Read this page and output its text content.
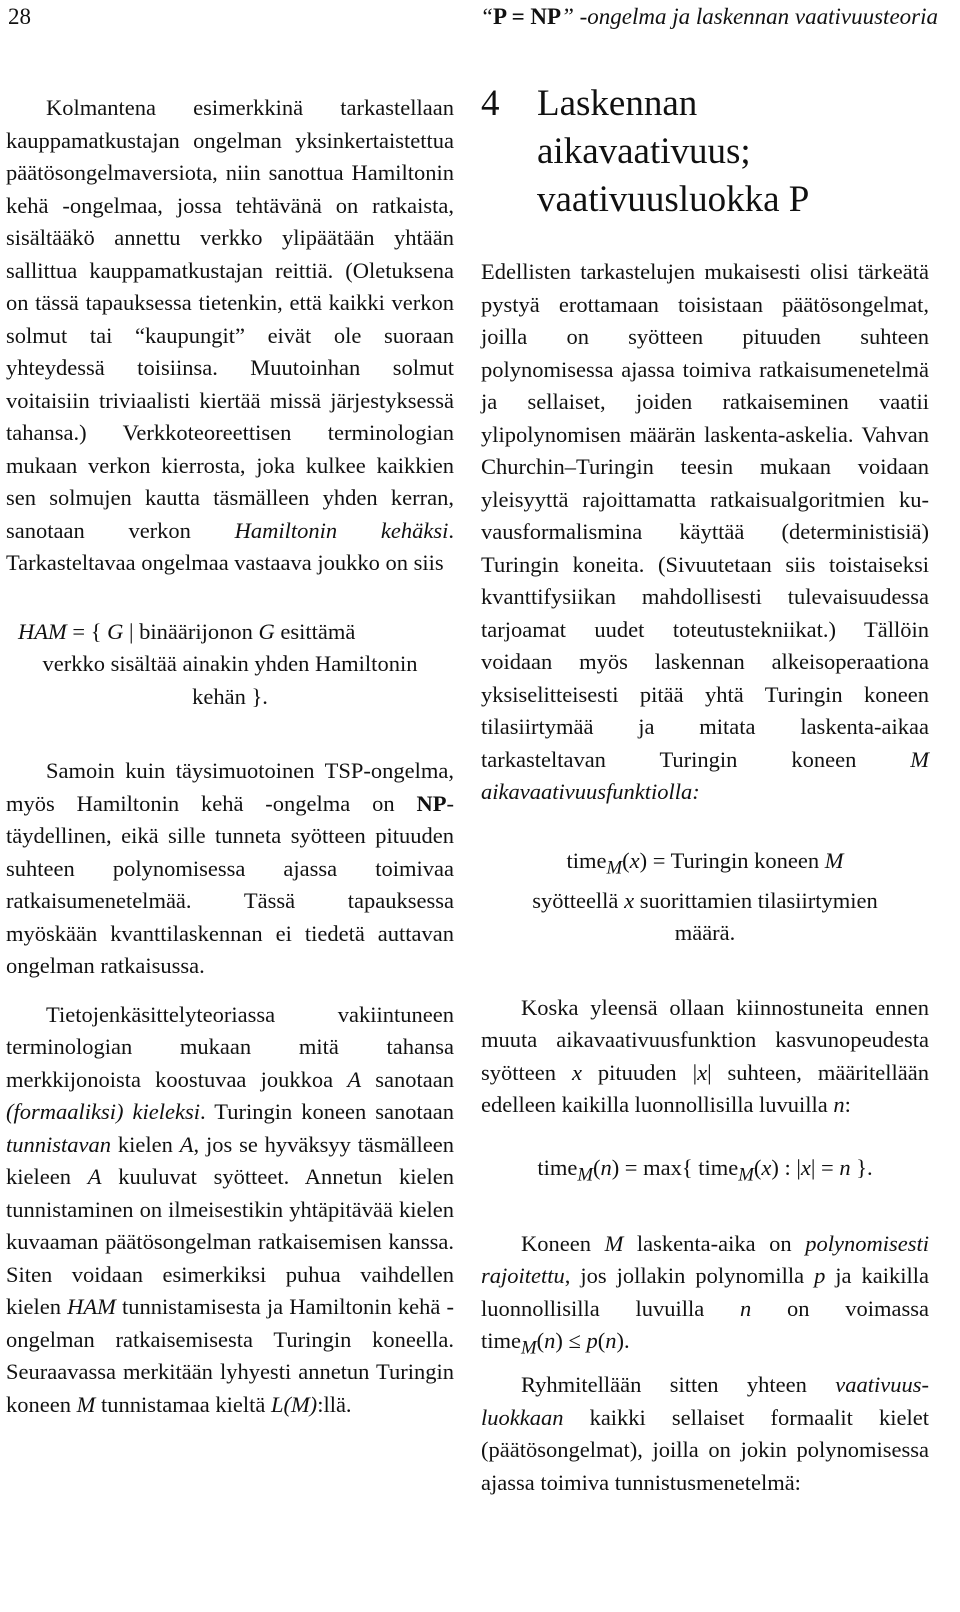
28	“P = NP” -ongelma ja laskennan vaativuusteoria

Kolmantena esimerkkinä tarkastellaan kauppamatkustajan ongelman yksinkertaistettua päätösongelmaversiota, niin sanottua Hamiltonin kehä -ongelmaa, jossa tehtävänä on ratkaista, sisältääkö annettu verkko ylipäätään yhtään sallittua kauppamatkustajan reittiä. (Oletuksena on tässä tapauksessa tietenkin, että kaikki verkon solmut tai “kaupungit” eivät ole suoraan yhteydessä toisiinsa. Muutoinhan solmut voitaisiin triviaalisti kiertää missä järjestyksessä tahansa.) Verkkoteoreettisen terminologian mukaan verkon kierrosta, joka kulkee kaikkien sen solmujen kautta täsmälleen yhden kerran, sanotaan verkon Hamiltonin kehäksi. Tarkasteltavaa ongelmaa vastaava joukko on siis

HAM = { G | binäärijonon G esittämä
verkko sisältää ainakin yhden Hamiltonin
kehän }.

Samoin kuin täysimuotoinen TSP-ongelma, myös Hamiltonin kehä -ongelma on NP-täydellinen, eikä sille tunneta syötteen pituuden suhteen polynomisessa ajassa toimivaa ratkaisumenetelmää. Tässä tapauksessa myöskään kvanttilaskennan ei tiedetä auttavan ongelman ratkaisussa.

Tietojenkäsittelyteoriassa vakiintuneen terminologian mukaan mitä tahansa merkkijonoista koostuvaa joukkoa A sanotaan (formaaliksi) kieleksi. Turingin koneen sanotaan tunnistavan kielen A, jos se hyväksyy täsmälleen kieleen A kuuluvat syötteet. Annetun kielen tunnistaminen on ilmeisestikin yhtäpitävää kielen kuvaaman päätösongelman ratkaisemisen kanssa. Siten voidaan esimerkiksi puhua vaihdellen kielen HAM tunnistamisesta ja Hamiltonin kehä -ongelman ratkaisemisesta Turingin koneella. Seuraavassa merkitään lyhyesti annetun Turingin koneen M tunnistamaa kieltä L(M):llä.

4	Laskennan
aikavaativuus;
vaativuusluokka P

Edellisten tarkastelujen mukaisesti olisi tärkeätä pystyä erottamaan toisistaan päätösongelmat, joilla on syötteen pituuden suhteen polynomisessa ajassa toimiva ratkaisumenetelmä ja sellaiset, joiden ratkaiseminen vaatii ylipolynomisen määrän laskenta-askelia. Vahvan Churchin–Turingin teesin mukaan voidaan yleisyyttä rajoittamatta ratkaisualgoritmien kuvausformalismina käyttää (deterministisiä) Turingin koneita. (Sivuutetaan siis toistaiseksi kvanttifysiikan mahdollisesti tulevaisuudessa tarjoamat uudet toteutustekniikat.) Tällöin voidaan myös laskennan alkeisoperaationa yksiselitteisesti pitää yhtä Turingin koneen tilasiirtymää ja mitata laskenta-aikaa tarkasteltavan Turingin koneen M aikavaativuusfunktiolla:

time$_M$(x) = Turingin koneen M
syötteellä x suorittamien tilasiirtymien
määrä.

Koska yleensä ollaan kiinnostuneita ennen muuta aikavaativuusfunktion kasvunopeudesta syötteen x pituuden |x| suhteen, määritellään edelleen kaikilla luonnollisilla luvuilla n:

time$_M$(n) = max{ time$_M$(x) : |x| = n }.

Koneen M laskenta-aika on polynomisesti rajoitettu, jos jollakin polynomilla p ja kaikilla luonnollisilla luvuilla n on voimassa time$_M$(n) ≤ p(n).

Ryhmitellään sitten yhteen vaativuusluokkaan kaikki sellaiset formaalit kielet (päätösongelmat), joilla on jokin polynomisessa ajassa toimiva tunnistusmenetelmä:
